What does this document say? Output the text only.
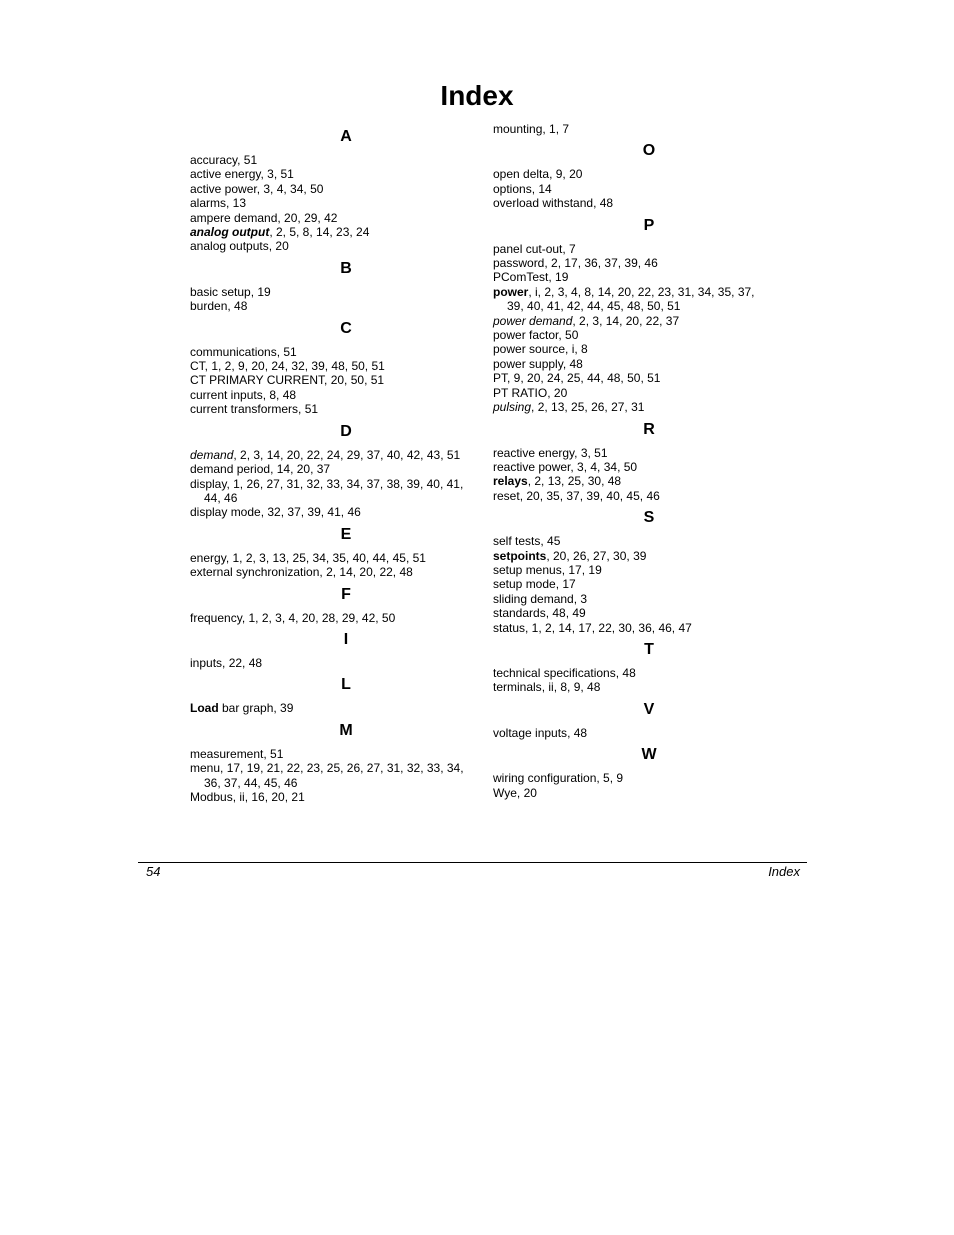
Index
A
accuracy, 51
active energy, 3, 51
active power, 3, 4, 34, 50
alarms, 13
ampere demand, 20, 29, 42
analog output, 2, 5, 8, 14, 23, 24
analog outputs, 20
B
basic setup, 19
burden, 48
C
communications, 51
CT, 1, 2, 9, 20, 24, 32, 39, 48, 50, 51
CT PRIMARY CURRENT, 20, 50, 51
current inputs, 8, 48
current transformers, 51
D
demand, 2, 3, 14, 20, 22, 24, 29, 37, 40, 42, 43, 51
demand period, 14, 20, 37
display, 1, 26, 27, 31, 32, 33, 34, 37, 38, 39, 40, 41, 44, 46
display mode, 32, 37, 39, 41, 46
E
energy, 1, 2, 3, 13, 25, 34, 35, 40, 44, 45, 51
external synchronization, 2, 14, 20, 22, 48
F
frequency, 1, 2, 3, 4, 20, 28, 29, 42, 50
I
inputs, 22, 48
L
Load bar graph, 39
M
measurement, 51
menu, 17, 19, 21, 22, 23, 25, 26, 27, 31, 32, 33, 34, 36, 37, 44, 45, 46
Modbus, ii, 16, 20, 21
mounting, 1, 7
O
open delta, 9, 20
options, 14
overload withstand, 48
P
panel cut-out, 7
password, 2, 17, 36, 37, 39, 46
PComTest, 19
power, i, 2, 3, 4, 8, 14, 20, 22, 23, 31, 34, 35, 37, 39, 40, 41, 42, 44, 45, 48, 50, 51
power demand, 2, 3, 14, 20, 22, 37
power factor, 50
power source, i, 8
power supply, 48
PT, 9, 20, 24, 25, 44, 48, 50, 51
PT RATIO, 20
pulsing, 2, 13, 25, 26, 27, 31
R
reactive energy, 3, 51
reactive power, 3, 4, 34, 50
relays, 2, 13, 25, 30, 48
reset, 20, 35, 37, 39, 40, 45, 46
S
self tests, 45
setpoints, 20, 26, 27, 30, 39
setup menus, 17, 19
setup mode, 17
sliding demand, 3
standards, 48, 49
status, 1, 2, 14, 17, 22, 30, 36, 46, 47
T
technical specifications, 48
terminals, ii, 8, 9, 48
V
voltage inputs, 48
W
wiring configuration, 5, 9
Wye, 20
54	Index
